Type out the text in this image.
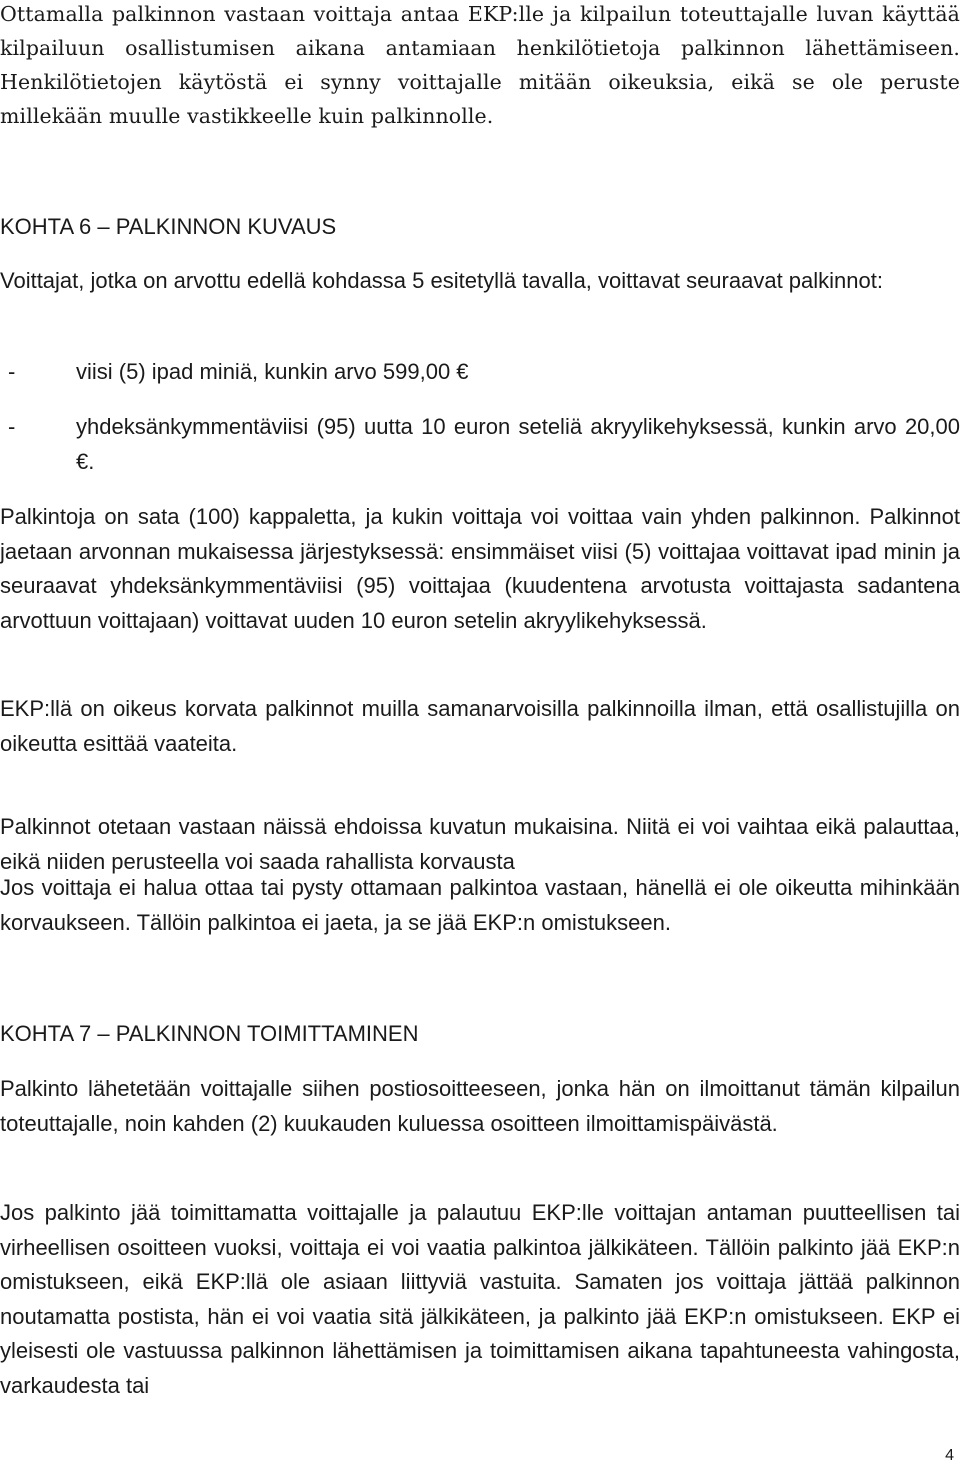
Ottamalla palkinnon vastaan voittaja antaa EKP:lle ja kilpailun toteuttajalle luvan käyttää kilpailuun osallistumisen aikana antamiaan henkilötietoja palkinnon lähettämiseen. Henkilötietojen käytöstä ei synny voittajalle mitään oikeuksia, eikä se ole peruste millekään muulle vastikkeelle kuin palkinnolle.

KOHTA 6 – PALKINNON KUVAUS

Voittajat, jotka on arvottu edellä kohdassa 5 esitetyllä tavalla, voittavat seuraavat palkinnot:

-	viisi (5) ipad miniä, kunkin arvo 599,00 €
-	yhdeksänkymmentäviisi (95) uutta 10 euron seteliä akryylikehyksessä, kunkin arvo 20,00 €.

Palkintoja on sata (100) kappaletta, ja kukin voittaja voi voittaa vain yhden palkinnon. Palkinnot jaetaan arvonnan mukaisessa järjestyksessä: ensimmäiset viisi (5) voittajaa voittavat ipad minin ja seuraavat yhdeksänkymmentäviisi (95) voittajaa (kuudentena arvotusta voittajasta sadantena arvottuun voittajaan) voittavat uuden 10 euron setelin akryylikehyksessä.

EKP:llä on oikeus korvata palkinnot muilla samanarvoisilla palkinnoilla ilman, että osallistujilla on oikeutta esittää vaateita.

Palkinnot otetaan vastaan näissä ehdoissa kuvatun mukaisina. Niitä ei voi vaihtaa eikä palauttaa, eikä niiden perusteella voi saada rahallista korvausta

Jos voittaja ei halua ottaa tai pysty ottamaan palkintoa vastaan, hänellä ei ole oikeutta mihinkään korvaukseen. Tällöin palkintoa ei jaeta, ja se jää EKP:n omistukseen.

KOHTA 7 – PALKINNON TOIMITTAMINEN

Palkinto lähetetään voittajalle siihen postiosoitteeseen, jonka hän on ilmoittanut tämän kilpailun toteuttajalle, noin kahden (2) kuukauden kuluessa osoitteen ilmoittamispäivästä.

Jos palkinto jää toimittamatta voittajalle ja palautuu EKP:lle voittajan antaman puutteellisen tai virheellisen osoitteen vuoksi, voittaja ei voi vaatia palkintoa jälkikäteen. Tällöin palkinto jää EKP:n omistukseen, eikä EKP:llä ole asiaan liittyviä vastuita. Samaten jos voittaja jättää palkinnon noutamatta postista, hän ei voi vaatia sitä jälkikäteen, ja palkinto jää EKP:n omistukseen. EKP ei yleisesti ole vastuussa palkinnon lähettämisen ja toimittamisen aikana tapahtuneesta vahingosta, varkaudesta tai

4
